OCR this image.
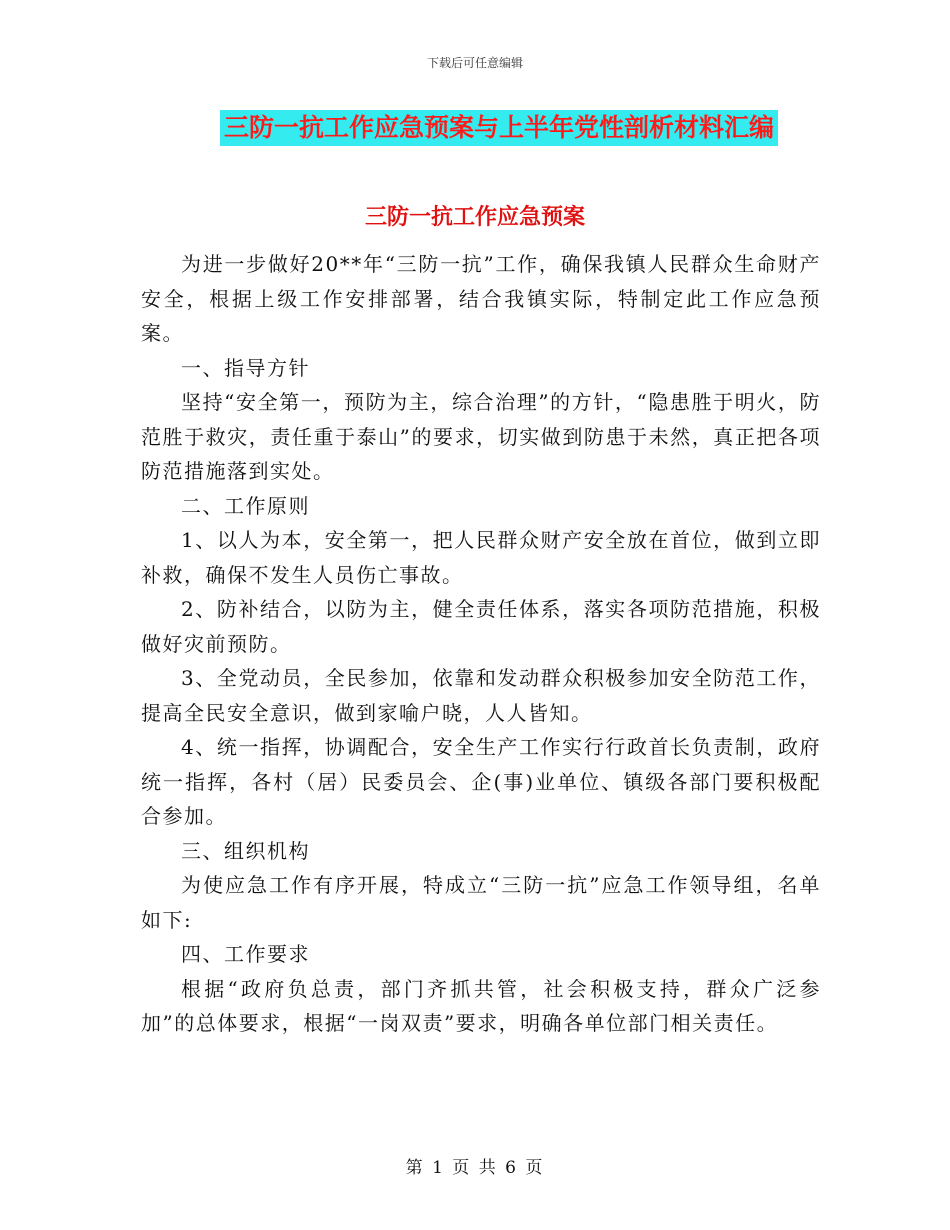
下载后可任意编辑
三防一抗工作应急预案与上半年党性剖析材料汇编
三防一抗工作应急预案

为进一步做好20**年“三防一抗”工作，确保我镇人民群众生命财产安全，根据上级工作安排部署，结合我镇实际，特制定此工作应急预案。

一、指导方针

坚持“安全第一，预防为主，综合治理”的方针，“隐患胜于明火，防范胜于救灾，责任重于泰山”的要求，切实做到防患于未然，真正把各项防范措施落到实处。

二、工作原则

1、以人为本，安全第一，把人民群众财产安全放在首位，做到立即补救，确保不发生人员伤亡事故。

2、防补结合，以防为主，健全责任体系，落实各项防范措施，积极做好灾前预防。

3、全党动员，全民参加，依靠和发动群众积极参加安全防范工作，提高全民安全意识，做到家喻户晓，人人皆知。

4、统一指挥，协调配合，安全生产工作实行行政首长负责制，政府统一指挥，各村（居）民委员会、企(事)业单位、镇级各部门要积极配合参加。

三、组织机构

为使应急工作有序开展，特成立“三防一抗”应急工作领导组，名单如下:

四、工作要求

根据“政府负总责，部门齐抓共管，社会积极支持，群众广泛参加”的总体要求，根据“一岗双责”要求，明确各单位部门相关责任。

第 1 页 共 6 页
